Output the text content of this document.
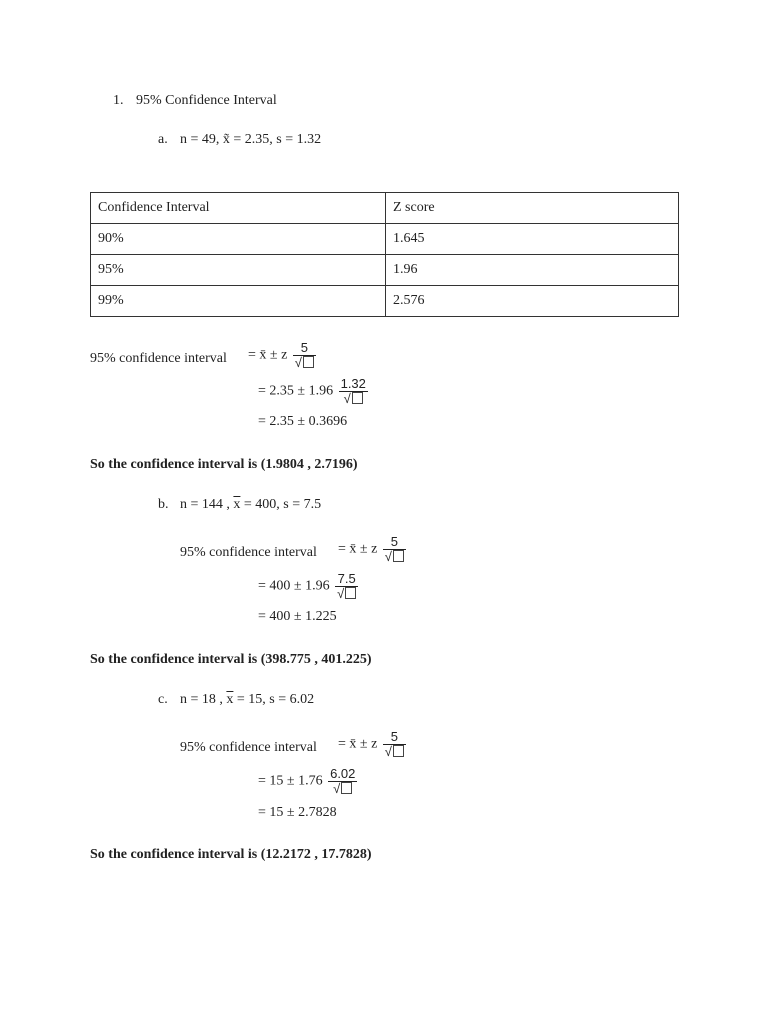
1. 95% Confidence Interval
a. n = 49, x̃ = 2.35, s = 1.32
Confidence Interval	Z score
90%	1.645
95%	1.96
99%	2.576
95% confidence interval = x̄ ± z $\frac{5}{√}$
= $2.35 \pm 1.96 \frac{1.32}{√}$
= 2.35 ± 0.3696
So the confidence interval is (1.9804 , 2.7196)
b. n = 144 , $\overline{x} = 400$, s = 7.5
95% confidence interval = x̄ ± z $\frac{5}{√}$
= $400 \pm 1.96 \frac{7.5}{√}$
= 400 ± 1.225
So the confidence interval is (398.775 , 401.225)
c. n = 18 , $\overline{x} = 15$, s = 6.02
95% confidence interval = x̄ ± z $\frac{5}{√}$
= $15 \pm 1.76 \frac{6.02}{√}$
= 15 ± 2.7828
So the confidence interval is (12.2172 , 17.7828)
